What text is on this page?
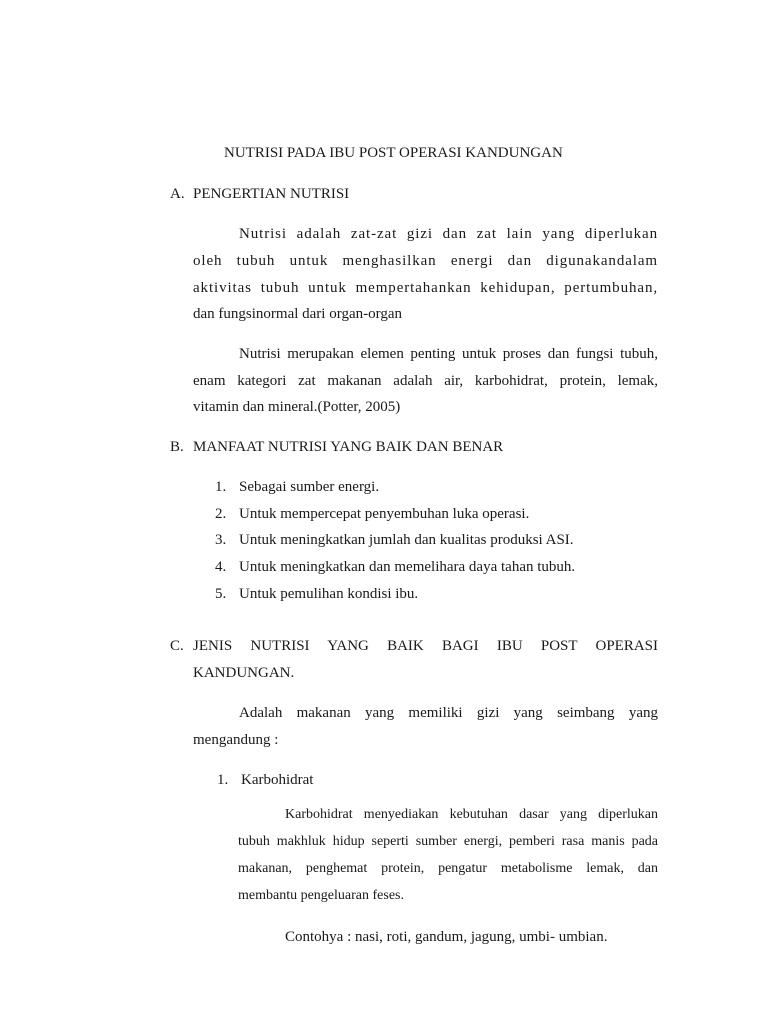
NUTRISI PADA IBU POST OPERASI KANDUNGAN
A. PENGERTIAN NUTRISI
Nutrisi adalah zat-zat gizi dan zat lain yang diperlukan
oleh tubuh untuk menghasilkan energi dan digunakandalam
aktivitas tubuh untuk mempertahankan kehidupan, pertumbuhan,
dan fungsinormal dari organ-organ
Nutrisi merupakan elemen penting untuk proses dan fungsi tubuh,
enam kategori zat makanan adalah air, karbohidrat, protein, lemak,
vitamin dan mineral.(Potter, 2005)
B. MANFAAT NUTRISI YANG BAIK DAN BENAR
1. Sebagai sumber energi.
2. Untuk mempercepat penyembuhan luka operasi.
3. Untuk meningkatkan jumlah dan kualitas produksi ASI.
4. Untuk meningkatkan dan memelihara daya tahan tubuh.
5. Untuk pemulihan kondisi ibu.
C. JENIS NUTRISI YANG BAIK BAGI IBU POST OPERASI
KANDUNGAN.
Adalah makanan yang memiliki gizi yang seimbang yang
mengandung :
1. Karbohidrat
Karbohidrat menyediakan kebutuhan dasar yang diperlukan
tubuh makhluk hidup seperti sumber energi, pemberi rasa manis pada
makanan, penghemat protein, pengatur metabolisme lemak, dan
membantu pengeluaran feses.
Contohya : nasi, roti, gandum, jagung, umbi- umbian.
